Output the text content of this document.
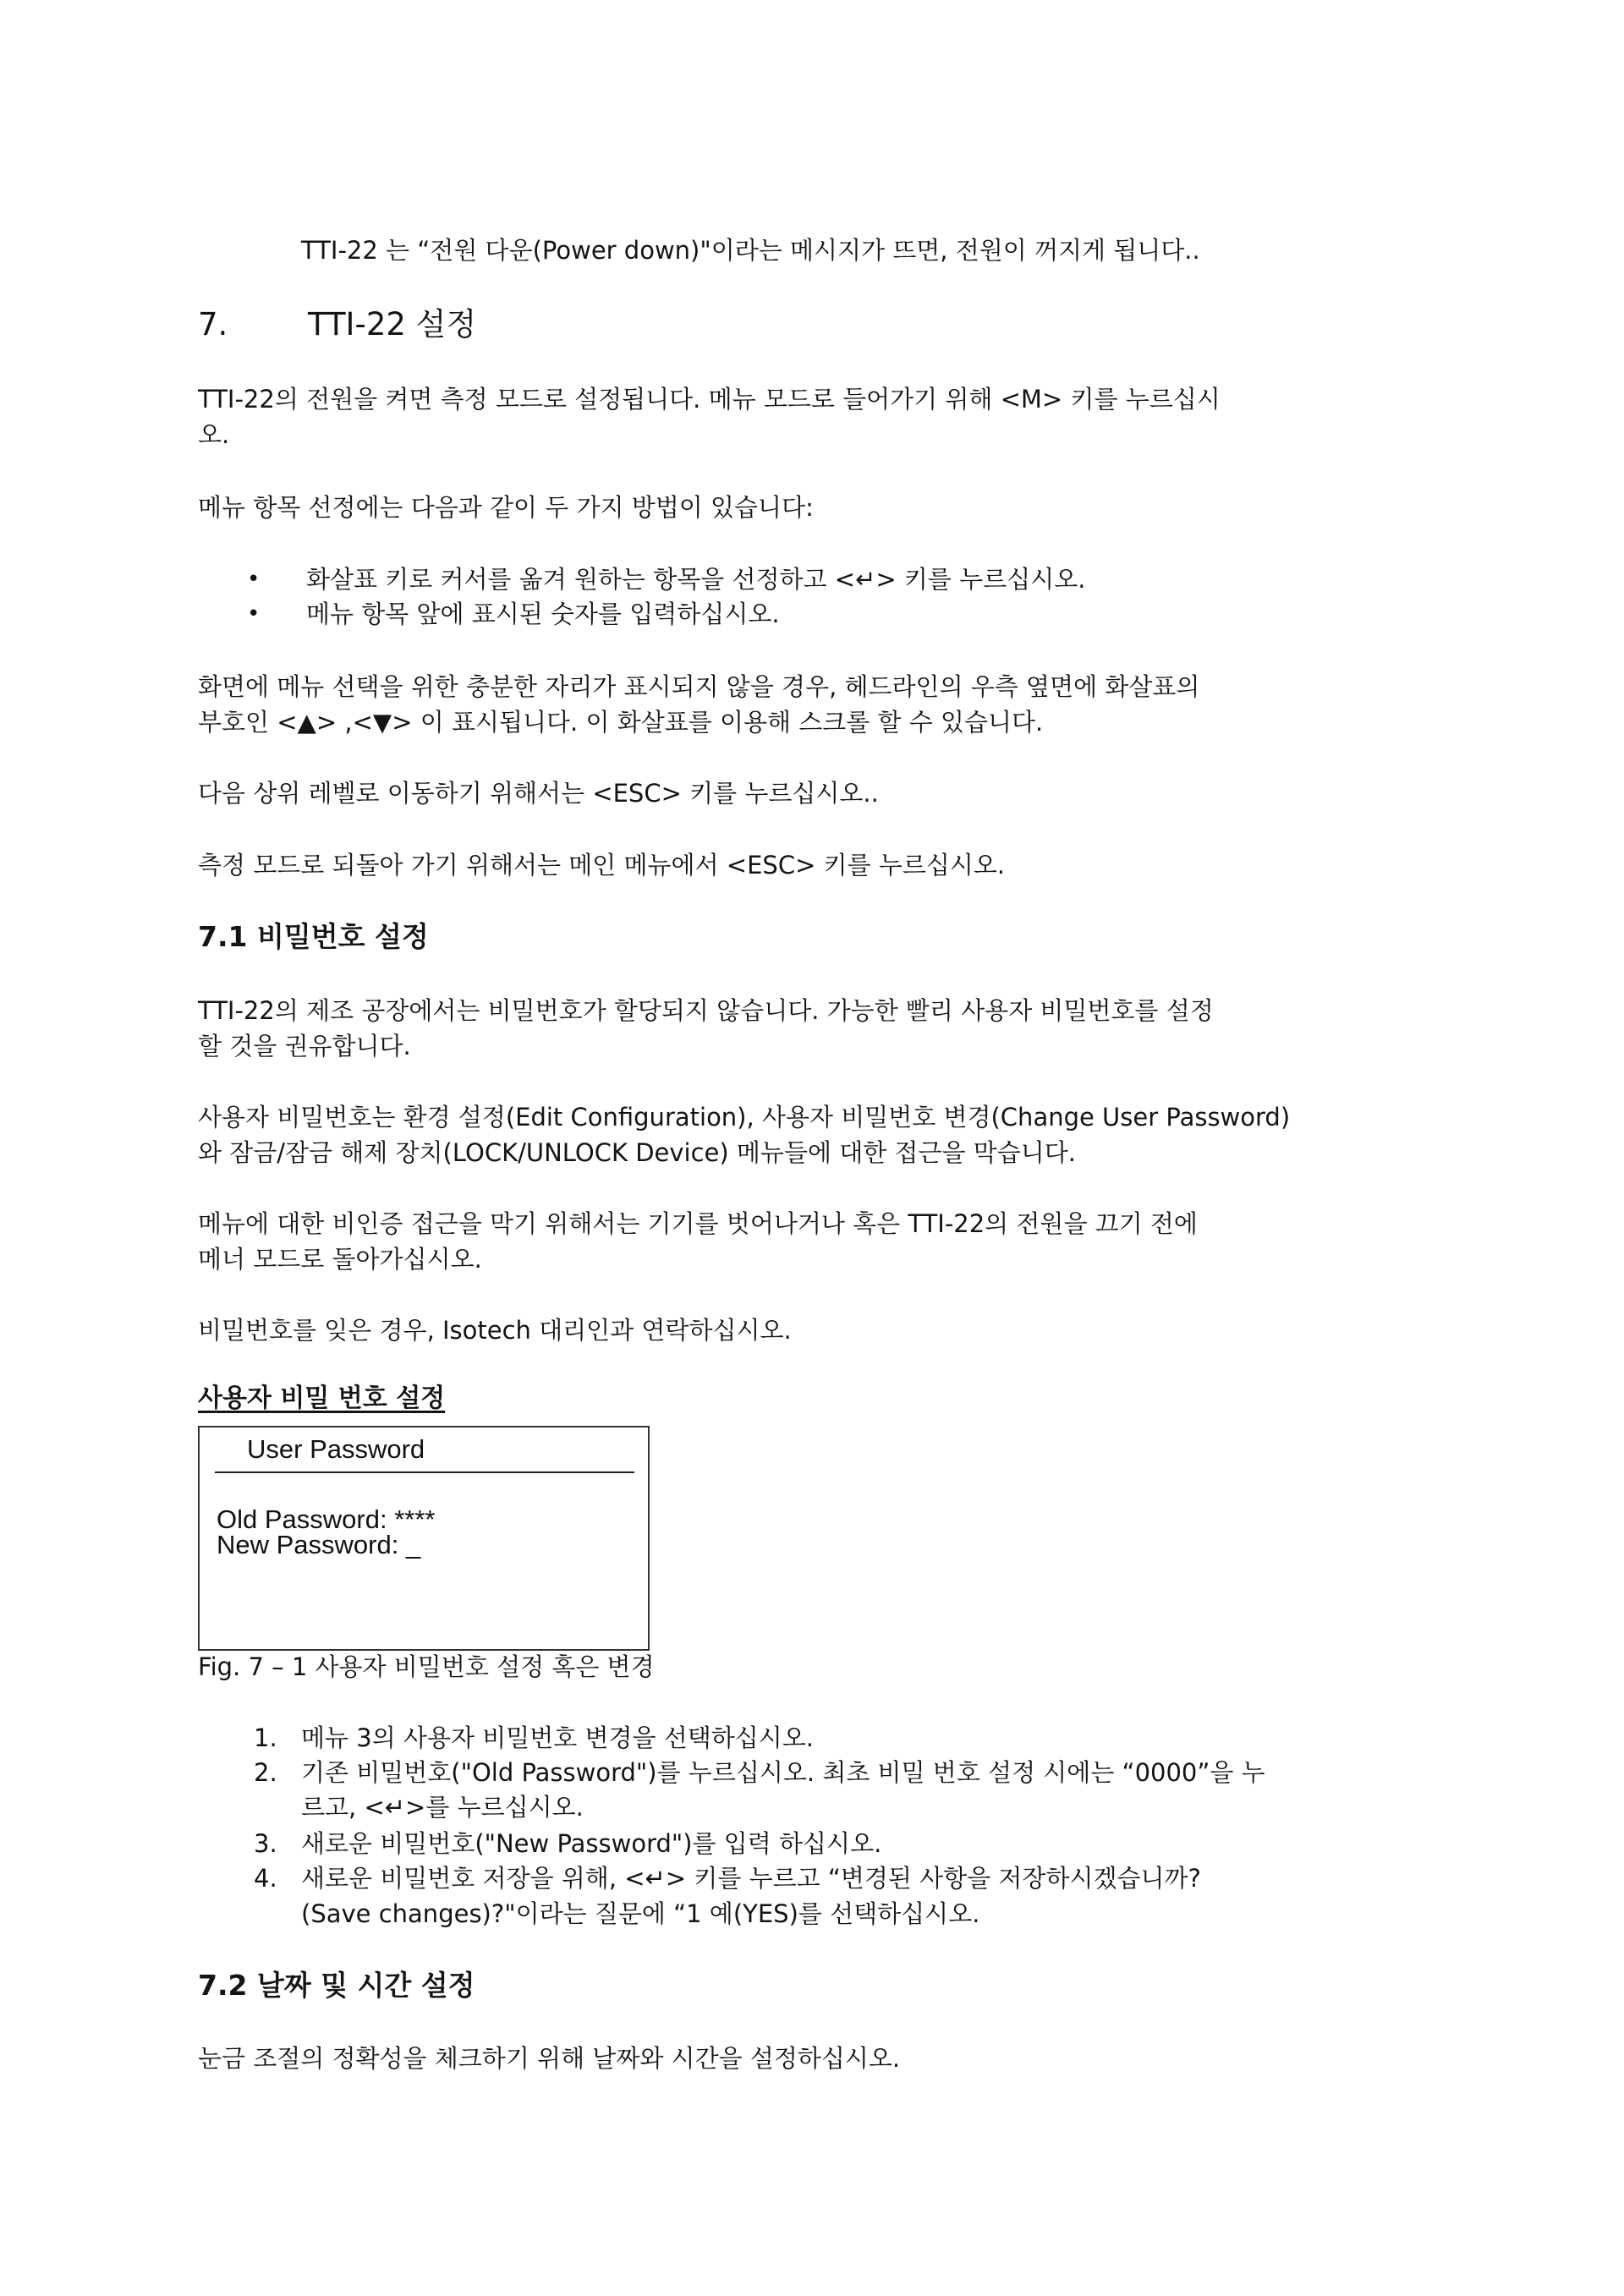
TTI-22 는 “전원 다운(Power down)"이라는 메시지가 뜨면, 전원이 꺼지게 됩니다..
7.	TTI-22 설정
TTI-22의 전원을 켜면 측정 모드로 설정됩니다. 메뉴 모드로 들어가기 위해 <M> 키를 누르십시
오.
메뉴 항목 선정에는 다음과 같이 두 가지 방법이 있습니다:
• 화살표 키로 커서를 옮겨 원하는 항목을 선정하고 <↵> 키를 누르십시오.
• 메뉴 항목 앞에 표시된 숫자를 입력하십시오.
화면에 메뉴 선택을 위한 충분한 자리가 표시되지 않을 경우, 헤드라인의 우측 옆면에 화살표의
부호인 <▲> ,<▼> 이 표시됩니다. 이 화살표를 이용해 스크롤 할 수 있습니다.
다음 상위 레벨로 이동하기 위해서는 <ESC> 키를 누르십시오..
측정 모드로 되돌아 가기 위해서는 메인 메뉴에서 <ESC> 키를 누르십시오.
7.1 비밀번호 설정
TTI-22의 제조 공장에서는 비밀번호가 할당되지 않습니다. 가능한 빨리 사용자 비밀번호를 설정
할 것을 권유합니다.
사용자 비밀번호는 환경 설정(Edit Configuration), 사용자 비밀번호 변경(Change User Password)
와 잠금/잠금 해제 장치(LOCK/UNLOCK Device) 메뉴들에 대한 접근을 막습니다.
메뉴에 대한 비인증 접근을 막기 위해서는 기기를 벗어나거나 혹은 TTI-22의 전원을 끄기 전에
메너 모드로 돌아가십시오.
비밀번호를 잊은 경우, Isotech 대리인과 연락하십시오.
사용자 비밀 번호 설정
User Password
Old Password: ****
New Password: _
Fig. 7 – 1 사용자 비밀번호 설정 혹은 변경
1. 메뉴 3의 사용자 비밀번호 변경을 선택하십시오.
2. 기존 비밀번호("Old Password")를 누르십시오. 최초 비밀 번호 설정 시에는 “0000”을 누
르고, <↵>를 누르십시오.
3. 새로운 비밀번호("New Password")를 입력 하십시오.
4. 새로운 비밀번호 저장을 위해, <↵> 키를 누르고 “변경된 사항을 저장하시겠습니까?
(Save changes)?"이라는 질문에 “1 예(YES)를 선택하십시오.
7.2 날짜 및 시간 설정
눈금 조절의 정확성을 체크하기 위해 날짜와 시간을 설정하십시오.
